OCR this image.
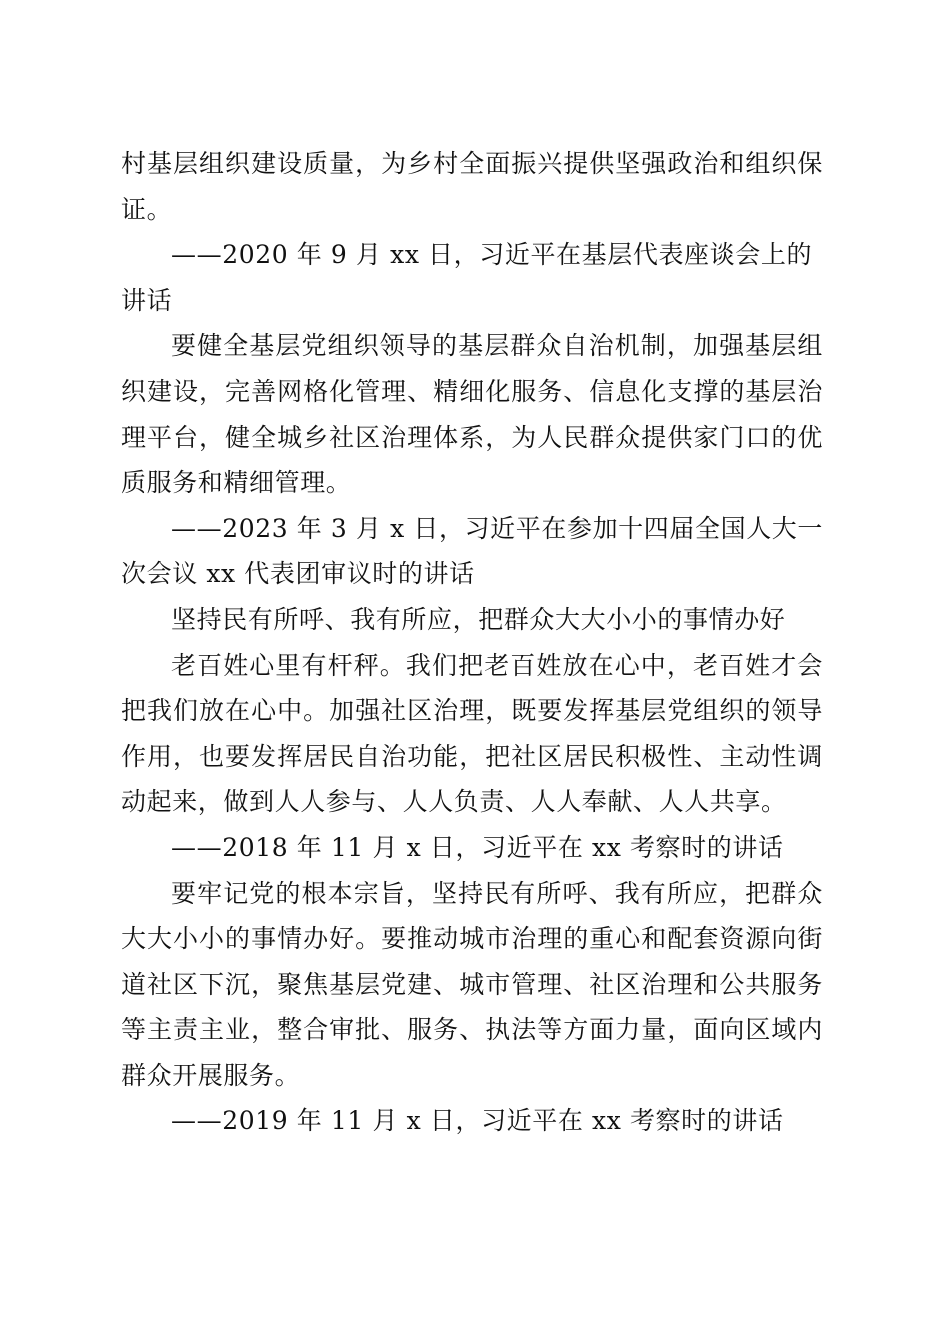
村基层组织建设质量，为乡村全面振兴提供坚强政治和组织保证。

——2020 年 9 月 xx 日，习近平在基层代表座谈会上的讲话

要健全基层党组织领导的基层群众自治机制，加强基层组织建设，完善网格化管理、精细化服务、信息化支撑的基层治理平台，健全城乡社区治理体系，为人民群众提供家门口的优质服务和精细管理。

——2023 年 3 月 x 日，习近平在参加十四届全国人大一次会议 xx 代表团审议时的讲话

坚持民有所呼、我有所应，把群众大大小小的事情办好

老百姓心里有杆秤。我们把老百姓放在心中，老百姓才会把我们放在心中。加强社区治理，既要发挥基层党组织的领导作用，也要发挥居民自治功能，把社区居民积极性、主动性调动起来，做到人人参与、人人负责、人人奉献、人人共享。

——2018 年 11 月 x 日，习近平在 xx 考察时的讲话

要牢记党的根本宗旨，坚持民有所呼、我有所应，把群众大大小小的事情办好。要推动城市治理的重心和配套资源向街道社区下沉，聚焦基层党建、城市管理、社区治理和公共服务等主责主业，整合审批、服务、执法等方面力量，面向区域内群众开展服务。

——2019 年 11 月 x 日，习近平在 xx 考察时的讲话
